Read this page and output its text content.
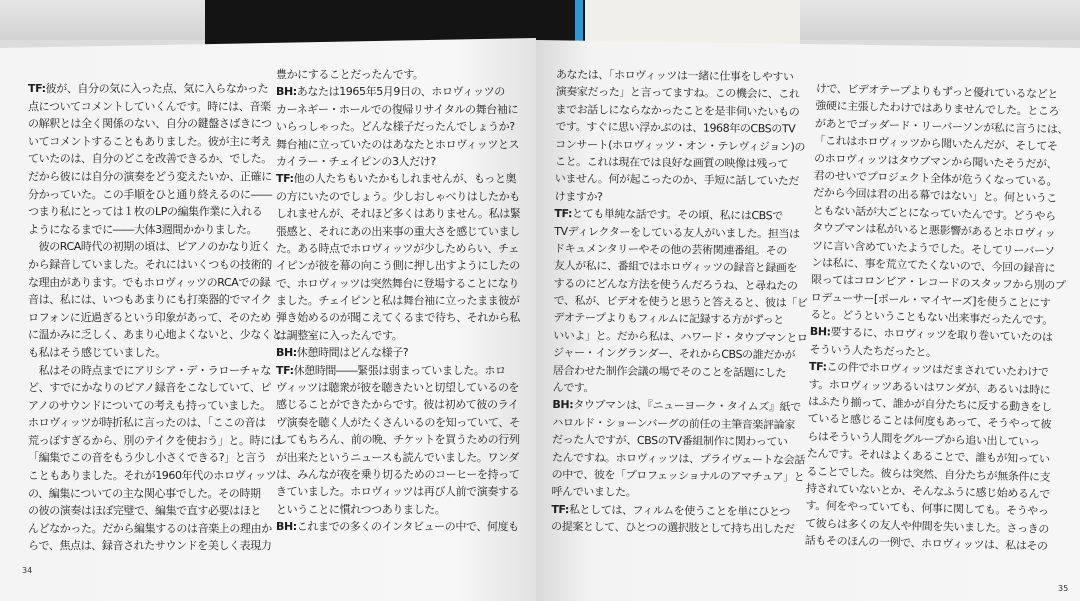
TF:彼が、自分の気に入った点、気に入らなかった
点についてコメントしていくんです。時には、音楽
の解釈とは全く関係のない、自分の鍵盤さばきにつ
いてコメントすることもありました。彼が主に考え
ていたのは、自分のどこを改善できるか、でした。
だから彼には自分の演奏をどう変えたいか、正確に
分かっていた。この手順をひと通り終えるのに――
つまり私にとっては１枚のLPの編集作業に入れる
ようになるまでに――大体3週間かかりました。
　彼のRCA時代の初期の頃は、ピアノのかなり近く
から録音していました。それにはいくつもの技術的
な理由があります。でもホロヴィッツのRCAでの録
音は、私には、いつもあまりにも打楽器的でマイク
ロフォンに近過ぎるという印象があって、そのため
に温かみに乏しく、あまり心地よくないと、少なくと
も私はそう感じていました。
　私はその時点までにアリシア・デ・ラローチャな
ど、すでにかなりのピアノ録音をこなしていて、ピ
アノのサウンドについての考えも持っていました。
ホロヴィッツが時折私に言ったのは、「ここの音は
荒っぽすぎるから、別のテイクを使おう」と。時には
「編集でこの音をもう少し小さくできる?」と言う
こともありました。それが1960年代のホロヴィッツ
の、編集についての主な関心事でした。その時期
の彼の演奏はほぼ完璧で、編集で直す必要はほと
んどなかった。だから編集するのは音楽上の理由か
らで、焦点は、録音されたサウンドを美しく表現力
豊かにすることだったんです。
BH:あなたは1965年5月9日の、ホロヴィッツの
カーネギー・ホールでの復帰リサイタルの舞台袖に
いらっしゃった。どんな様子だったんでしょうか?
舞台袖に立っていたのはあなたとホロヴィッツとス
カイラー・チェイピンの3人だけ?
TF:他の人たちもいたかもしれませんが、もっと奥
の方にいたのでしょう。少しおしゃべりはしたかも
しれませんが、それほど多くはありません。私は緊
張感と、それにあの出来事の重大さを感じていまし
た。ある時点でホロヴィッツが少しためらい、チェ
イピンが彼を幕の向こう側に押し出すようにしたの
で、ホロヴィッツは突然舞台に登場することになり
ました。チェイピンと私は舞台袖に立ったまま彼が
弾き始めるのが聞こえてくるまで待ち、それから私
は調整室に入ったんです。
BH:休憩時間はどんな様子?
TF:休憩時間――緊張は弱まっていました。ホロ
ヴィッツは聴衆が彼を聴きたいと切望しているのを
感じることができたからです。彼は初めて彼のライ
ヴ演奏を聴く人がたくさんいるのを知っていて、そ
してもちろん、前の晩、チケットを買うための行列
が出来たというニュースも読んでいました。ワンダ
は、みんなが夜を乗り切るためのコーヒーを持って
きていました。ホロヴィッツは再び人前で演奏する
ということに慣れつつありました。
BH:これまでの多くのインタビューの中で、何度も
あなたは、「ホロヴィッツは一緒に仕事をしやすい
演奏家だった」と言ってますね。この機会に、これ
までお話しにならなかったことを是非伺いたいもの
です。すぐに思い浮かぶのは、1968年のCBSのTV
コンサート(ホロヴィッツ・オン・テレヴィジョン)の
こと。これは現在では良好な画質の映像は残って
いません。何が起こったのか、手短に話していただ
けますか?
TF:とても単純な話です。その頃、私にはCBSで
TVディレクターをしている友人がいました。担当は
ドキュメンタリーやその他の芸術関連番組。その
友人が私に、番組ではホロヴィッツの録音と録画を
するのにどんな方法を使うんだろうね、と尋ねたの
で、私が、ビデオを使うと思うと答えると、彼は「ビ
デオテープよりもフィルムに記録する方がずっと
いいよ」と。だから私は、ハワード・タウブマンとロ
ジャー・イングランダー、それからCBSの誰だかが
居合わせた制作会議の場でそのことを話題にした
んです。
BH:タウブマンは、『ニューヨーク・タイムズ』紙で
ハロルド・ショーンバーグの前任の主筆音楽評論家
だった人ですが、CBSのTV番組制作に関わってい
たんですね。ホロヴィッツは、プライヴェートな会話
の中で、彼を「プロフェッショナルのアマチュア」と
呼んでいました。
TF:私としては、フィルムを使うことを単にひとつ
の提案として、ひとつの選択肢として持ち出しただ
けで、ビデオテープよりもずっと優れているなどと
強硬に主張したわけではありませんでした。ところ
があとでゴッダード・リーバーソンが私に言うには、
「これはホロヴィッツから聞いたんだが、そしてそ
のホロヴィッツはタウブマンから聞いたそうだが、
君のせいでプロジェクト全体が危うくなっている。
だから今回は君の出る幕ではない」と。何というこ
ともない話が大ごとになっていたんです。どうやら
タウブマンは私がいると悪影響があるとホロヴィッ
ツに言い含めていたようでした。そしてリーバーソ
ンは私に、事を荒立てたくないので、今回の録音に
限ってはコロンビア・レコードのスタッフから別のプ
ロデューサー[ポール・マイヤーズ]を使うことにす
ると。どうということもない出来事だったんです。
BH:要するに、ホロヴィッツを取り巻いていたのは
そういう人たちだったと。
TF:この件でホロヴィッツはだまされていたわけで
す。ホロヴィッツあるいはワンダが、あるいは時に
はふたり揃って、誰かが自分たちに反する動きをし
ていると感じることは何度もあって、そうやって彼
らはそういう人間をグループから追い出していっ
たんです。それはよくあることで、誰もが知ってい
ることでした。彼らは突然、自分たちが無条件に支
持されていないとか、そんなふうに感じ始めるんで
す。何をやっていても、何事に関しても。そうやっ
て彼らは多くの友人や仲間を失いました。さっきの
話もそのほんの一例で、ホロヴィッツは、私はその
34
35
